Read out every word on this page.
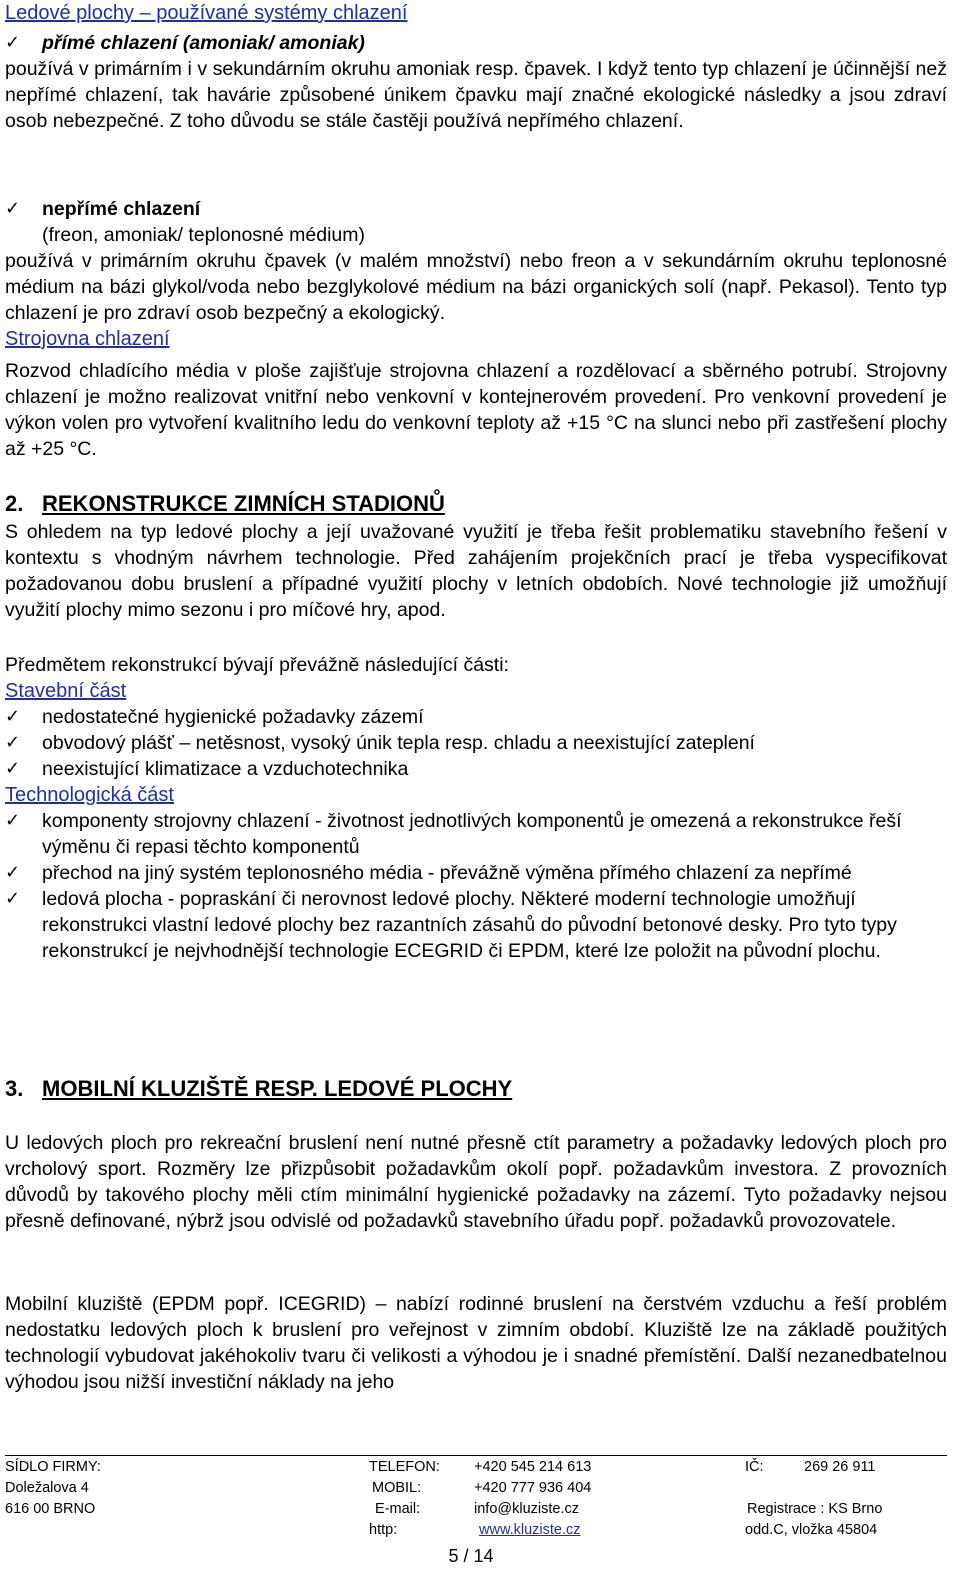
Ledové plochy – používané systémy chlazení
✓	přímé chlazení (amoniak/ amoniak)

používá v primárním i v sekundárním okruhu amoniak resp. čpavek. I když tento typ chlazení je účinnější než nepřímé chlazení, tak havárie způsobené únikem čpavku mají značné ekologické následky a jsou zdraví osob nebezpečné. Z toho důvodu se stále častěji používá nepřímého chlazení.

✓	nepřímé chlazení
(freon, amoniak/ teplonosné médium)

používá v primárním okruhu čpavek (v malém množství) nebo freon a v sekundárním okruhu teplonosné médium na bázi glykol/voda nebo bezglykolové médium na bázi organických solí (např. Pekasol). Tento typ chlazení je pro zdraví osob bezpečný a ekologický.

Strojovna chlazení

Rozvod chladícího média v ploše zajišťuje strojovna chlazení a rozdělovací a sběrného potrubí. Strojovny chlazení je možno realizovat vnitřní nebo venkovní v kontejnerovém provedení. Pro venkovní provedení je výkon volen pro vytvoření kvalitního ledu do venkovní teploty až +15 °C na slunci nebo při zastřešení plochy až +25 °C.

2. REKONSTRUKCE ZIMNÍCH STADIONŮ

S ohledem na typ ledové plochy a její uvažované využití je třeba řešit problematiku stavebního řešení v kontextu s vhodným návrhem technologie. Před zahájením projekčních prací je třeba vyspecifikovat požadovanou dobu bruslení a případné využití plochy v letních obdobích. Nové technologie již umožňují využití plochy mimo sezonu i pro míčové hry, apod.

Předmětem rekonstrukcí bývají převážně následující části:

Stavební část
✓	nedostatečné hygienické požadavky zázemí
✓	obvodový plášť – netěsnost, vysoký únik tepla resp. chladu a neexistující zateplení
✓	neexistující klimatizace a vzduchotechnika
Technologická část
✓	komponenty strojovny chlazení - životnost jednotlivých komponentů je omezená a rekonstrukce řeší výměnu či repasi těchto komponentů
✓	přechod na jiný systém teplonosného média - převážně výměna přímého chlazení za nepřímé
✓	ledová plocha - popraskání či nerovnost ledové plochy. Některé moderní technologie umožňují rekonstrukci vlastní ledové plochy bez razantních zásahů do původní betonové desky. Pro tyto typy rekonstrukcí je nejvhodnější technologie ECEGRID či EPDM, které lze položit na původní plochu.
3. MOBILNÍ KLUZIŠTĚ RESP. LEDOVÉ PLOCHY

U ledových ploch pro rekreační bruslení není nutné přesně ctít parametry a požadavky ledových ploch pro vrcholový sport. Rozměry lze přizpůsobit požadavkům okolí popř. požadavkům investora. Z provozních důvodů by takového plochy měli ctím minimální hygienické požadavky na zázemí. Tyto požadavky nejsou přesně definované, nýbrž jsou odvislé od požadavků stavebního úřadu popř. požadavků provozovatele.

Mobilní kluziště (EPDM popř. ICEGRID) – nabízí rodinné bruslení na čerstvém vzduchu a řeší problém nedostatku ledových ploch k bruslení pro veřejnost v zimním období. Kluziště lze na základě použitých technologií vybudovat jakéhokoliv tvaru či velikosti a výhodou je i snadné přemístění. Další nezanedbatelnou výhodou jsou nižší investiční náklady na jeho

SÍDLO FIRMY:
Doležalova 4
616 00 BRNO
TELEFON: +420 545 214 613
MOBIL:	+420 777 936 404
E-mail:	info@kluziste.cz
http:	www.kluziste.cz
IČ:	269 26 911
Registrace : KS Brno
odd.C, vložka 45804
5 / 14
